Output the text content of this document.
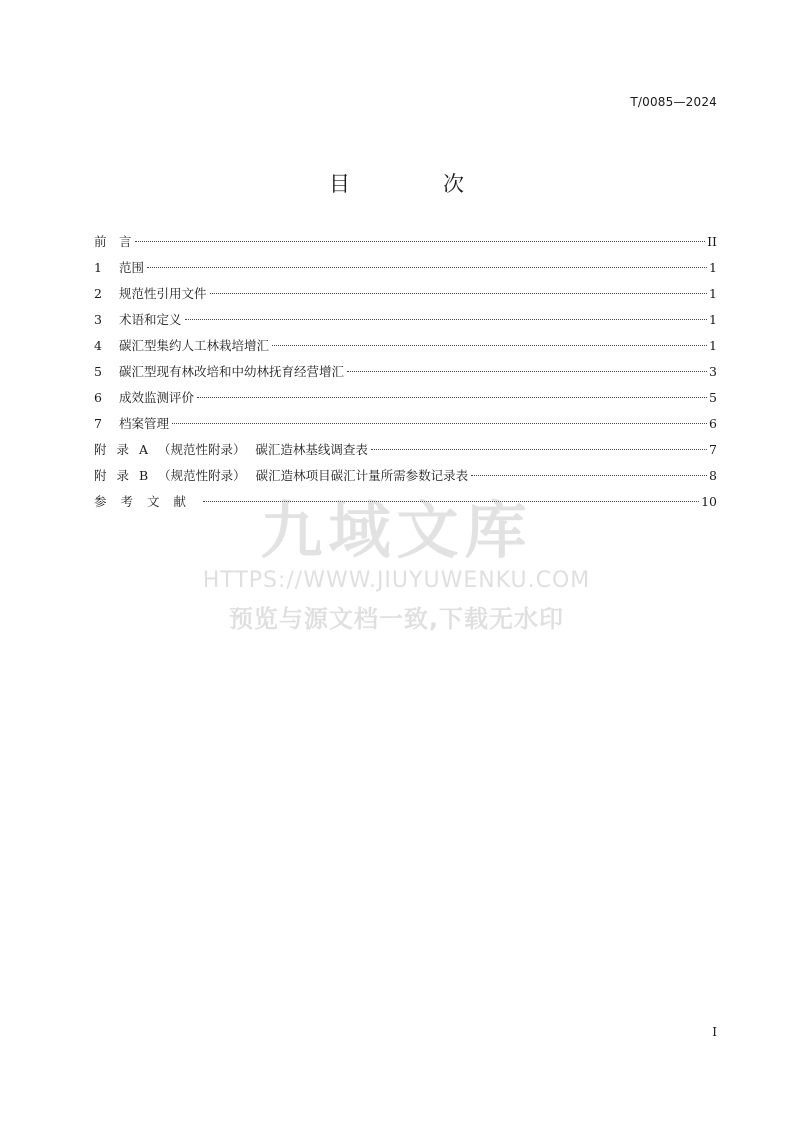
T/0085—2024
目　次
前　言	II
1	范围	1
2	规范性引用文件	1
3	术语和定义	1
4	碳汇型集约人工林栽培增汇	1
5	碳汇型现有林改培和中幼林抚育经营增汇	3
6	成效监测评价	5
7	档案管理	6
附 录 A （规范性附录） 碳汇造林基线调查表	7
附 录 B （规范性附录） 碳汇造林项目碳汇计量所需参数记录表	8
参考文献	10
九域文库
HTTPS://WWW.JIUYUWENKU.COM
预览与源文档一致,下载无水印
I
